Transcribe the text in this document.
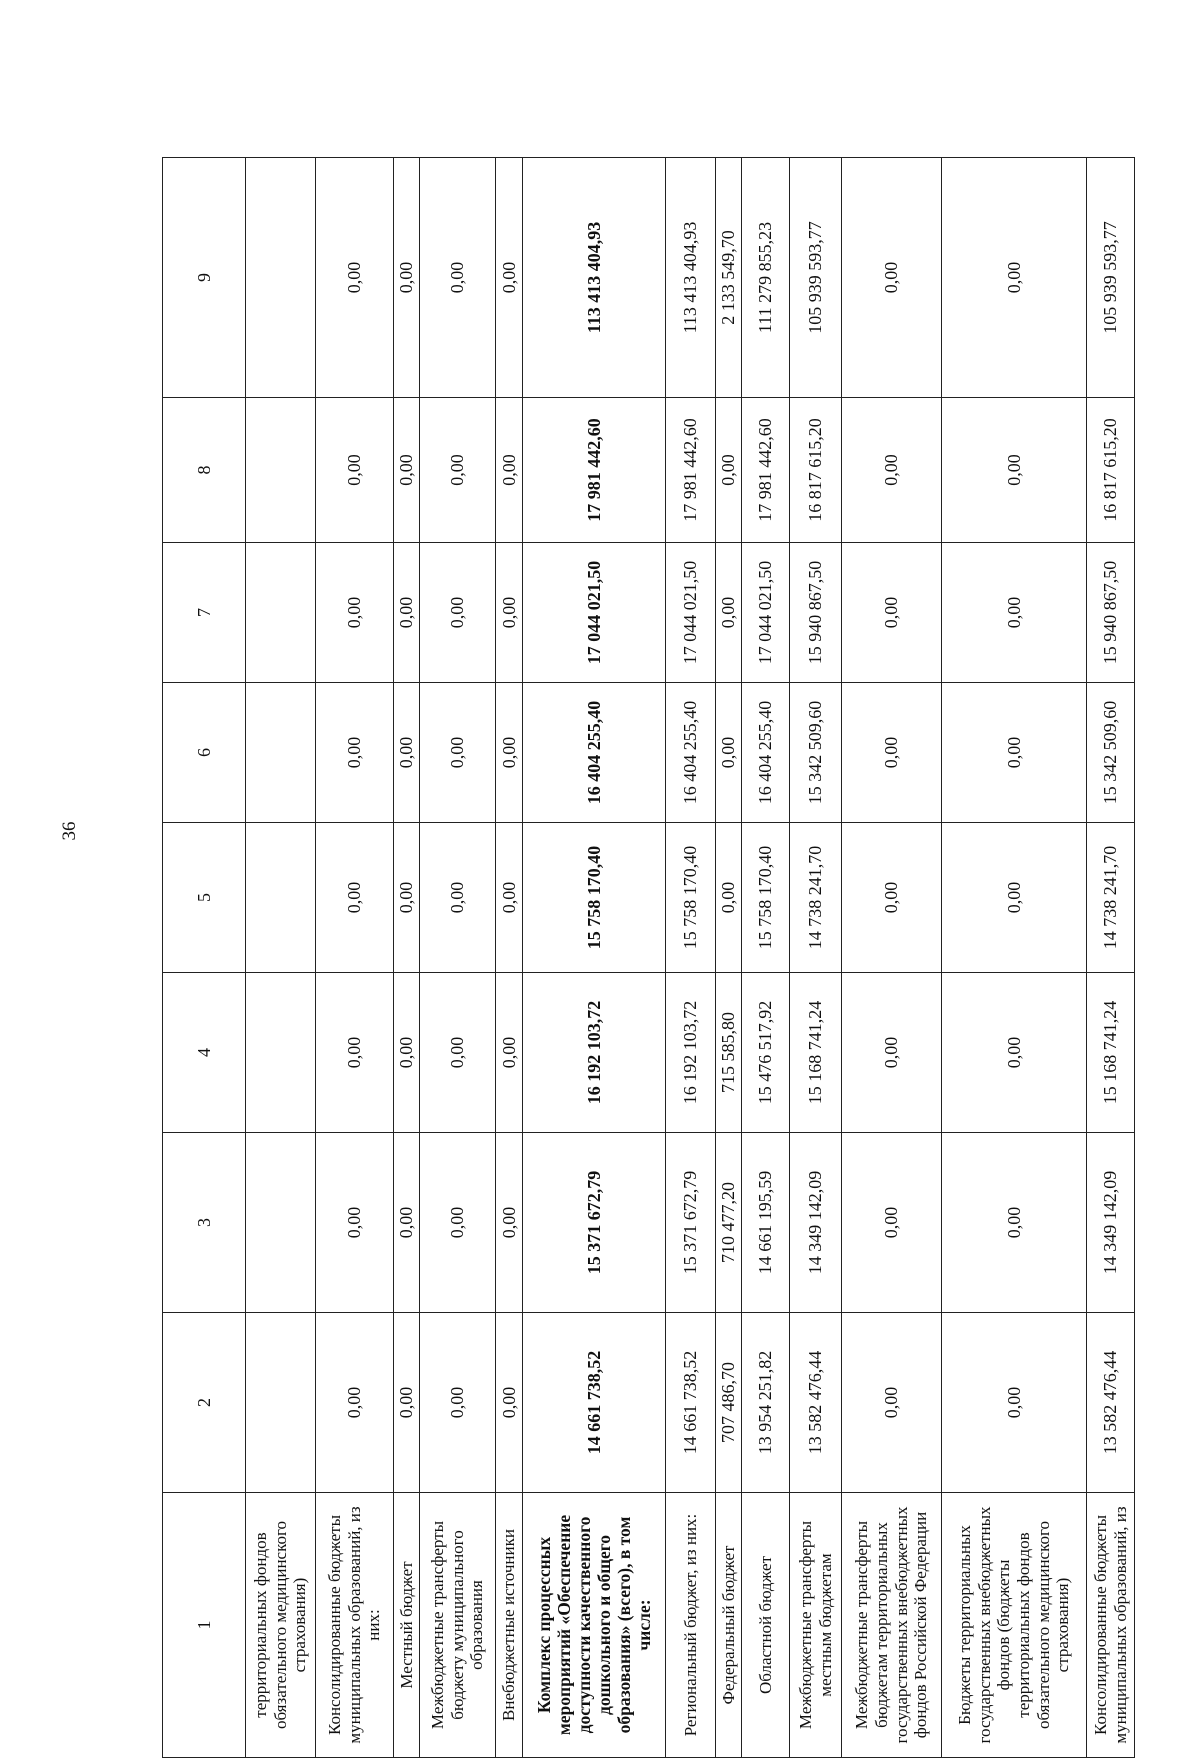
36
1	2	3	4	5	6	7	8	9
территориальных фондов обязательного медицинского страхования)								
Консолидированные бюджеты муниципальных образований, из них:	0,00	0,00	0,00	0,00	0,00	0,00	0,00	0,00
Местный бюджет	0,00	0,00	0,00	0,00	0,00	0,00	0,00	0,00
Межбюджетные трансферты бюджету муниципального образования	0,00	0,00	0,00	0,00	0,00	0,00	0,00	0,00
Внебюджетные источники	0,00	0,00	0,00	0,00	0,00	0,00	0,00	0,00
Комплекс процессных мероприятий «Обеспечение доступности качественного дошкольного и общего образования» (всего), в том числе:	14 661 738,52	15 371 672,79	16 192 103,72	15 758 170,40	16 404 255,40	17 044 021,50	17 981 442,60	113 413 404,93
Региональный бюджет, из них:	14 661 738,52	15 371 672,79	16 192 103,72	15 758 170,40	16 404 255,40	17 044 021,50	17 981 442,60	113 413 404,93
Федеральный бюджет	707 486,70	710 477,20	715 585,80	0,00	0,00	0,00	0,00	2 133 549,70
Областной бюджет	13 954 251,82	14 661 195,59	15 476 517,92	15 758 170,40	16 404 255,40	17 044 021,50	17 981 442,60	111 279 855,23
Межбюджетные трансферты местным бюджетам	13 582 476,44	14 349 142,09	15 168 741,24	14 738 241,70	15 342 509,60	15 940 867,50	16 817 615,20	105 939 593,77
Межбюджетные трансферты бюджетам территориальных государственных внебюджетных фондов Российской Федерации	0,00	0,00	0,00	0,00	0,00	0,00	0,00	0,00
Бюджеты территориальных государственных внебюджетных фондов (бюджеты территориальных фондов обязательного медицинского страхования)	0,00	0,00	0,00	0,00	0,00	0,00	0,00	0,00
Консолидированные бюджеты муниципальных образований, из	13 582 476,44	14 349 142,09	15 168 741,24	14 738 241,70	15 342 509,60	15 940 867,50	16 817 615,20	105 939 593,77
